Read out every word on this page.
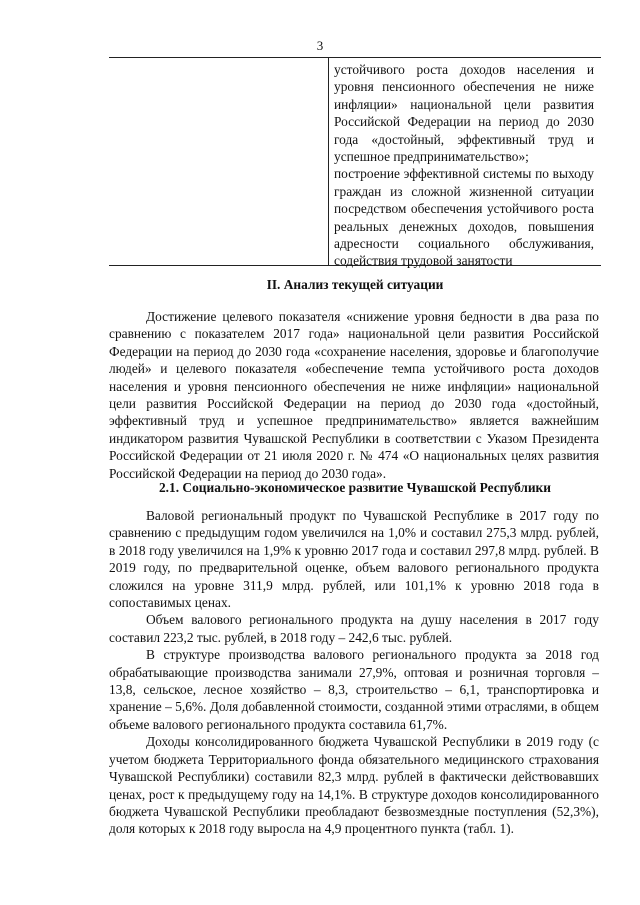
3

устойчивого роста доходов населения и уровня пенсионного обеспечения не ниже инфляции» национальной цели развития Российской Федерации на период до 2030 года «достойный, эффективный труд и успешное предпринимательство»;

построение эффективной системы по выходу граждан из сложной жизненной ситуации посредством обеспечения устойчивого роста реальных денежных доходов, повышения адресности социального обслуживания, содействия трудовой занятости

II. Анализ текущей ситуации

Достижение целевого показателя «снижение уровня бедности в два раза по сравнению с показателем 2017 года» национальной цели развития Российской Федерации на период до 2030 года «сохранение населения, здоровье и благополучие людей» и целевого показателя «обеспечение темпа устойчивого роста доходов населения и уровня пенсионного обеспечения не ниже инфляции» национальной цели развития Российской Федерации на период до 2030 года «достойный, эффективный труд и успешное предпринимательство» является важнейшим индикатором развития Чувашской Республики в соответствии с Указом Президента Российской Федерации от 21 июля 2020 г. № 474 «О национальных целях развития Российской Федерации на период до 2030 года».

2.1. Социально-экономическое развитие Чувашской Республики

Валовой региональный продукт по Чувашской Республике в 2017 году по сравнению с предыдущим годом увеличился на 1,0% и составил 275,3 млрд. рублей, в 2018 году увеличился на 1,9% к уровню 2017 года и составил 297,8 млрд. рублей. В 2019 году, по предварительной оценке, объем валового регионального продукта сложился на уровне 311,9 млрд. рублей, или 101,1% к уровню 2018 года в сопоставимых ценах.

Объем валового регионального продукта на душу населения в 2017 году составил 223,2 тыс. рублей, в 2018 году – 242,6 тыс. рублей.

В структуре производства валового регионального продукта за 2018 год обрабатывающие производства занимали 27,9%, оптовая и розничная торговля – 13,8, сельское, лесное хозяйство – 8,3, строительство – 6,1, транспортировка и хранение – 5,6%. Доля добавленной стоимости, созданной этими отраслями, в общем объеме валового регионального продукта составила 61,7%.

Доходы консолидированного бюджета Чувашской Республики в 2019 году (с учетом бюджета Территориального фонда обязательного медицинского страхования Чувашской Республики) составили 82,3 млрд. рублей в фактически действовавших ценах, рост к предыдущему году на 14,1%. В структуре доходов консолидированного бюджета Чувашской Республики преобладают безвозмездные поступления (52,3%), доля которых к 2018 году выросла на 4,9 процентного пункта (табл. 1).
